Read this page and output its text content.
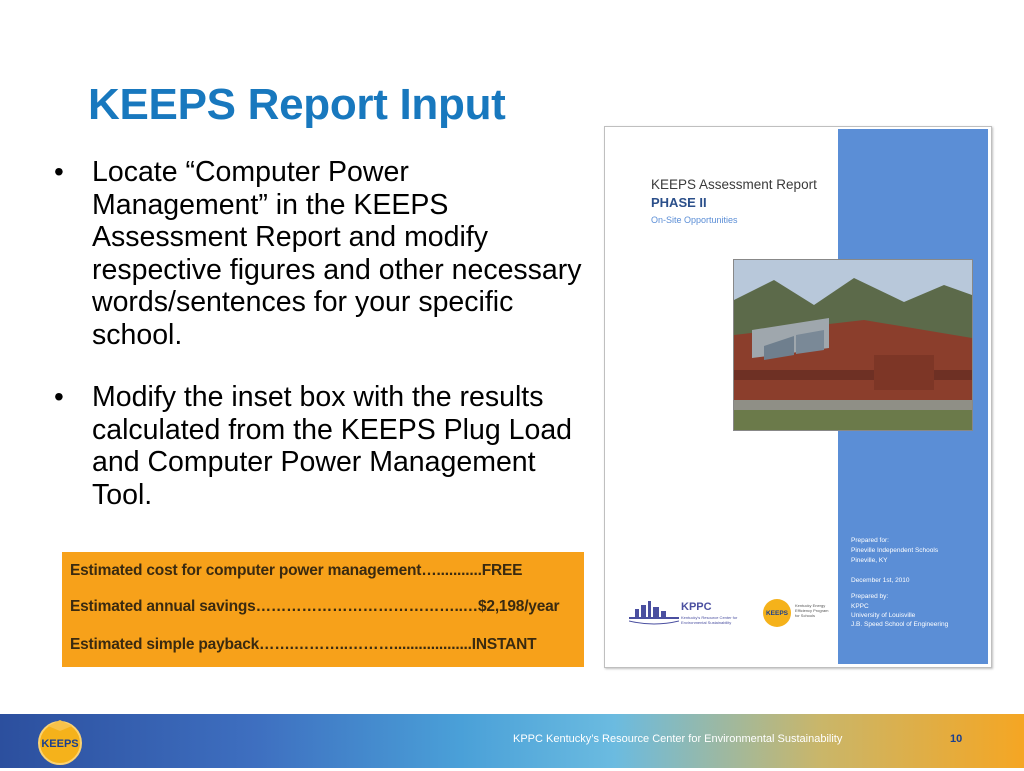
KEEPS Report Input
• Locate “Computer Power Management” in the KEEPS Assessment Report and modify respective figures and other necessary words/sentences for your specific school.
• Modify the inset box with the results calculated from the KEEPS Plug Load and Computer Power Management Tool.
Estimated cost for computer power management…...........FREE
Estimated annual savings…………………………………..…$2,198/year
Estimated simple payback…….………..………...................INSTANT
KEEPS Assessment Report
PHASE II
On-Site Opportunities
Prepared for:
Pineville Independent Schools
Pineville, KY
December 1st, 2010
Prepared by:
KPPC
University of Louisville
J.B. Speed School of Engineering
KPPC
Kentucky's Resource Center for Environmental Sustainability
KEEPS
Kentucky Energy Efficiency Program for Schools
KEEPS	KPPC Kentucky’s Resource Center for Environmental Sustainability	10
